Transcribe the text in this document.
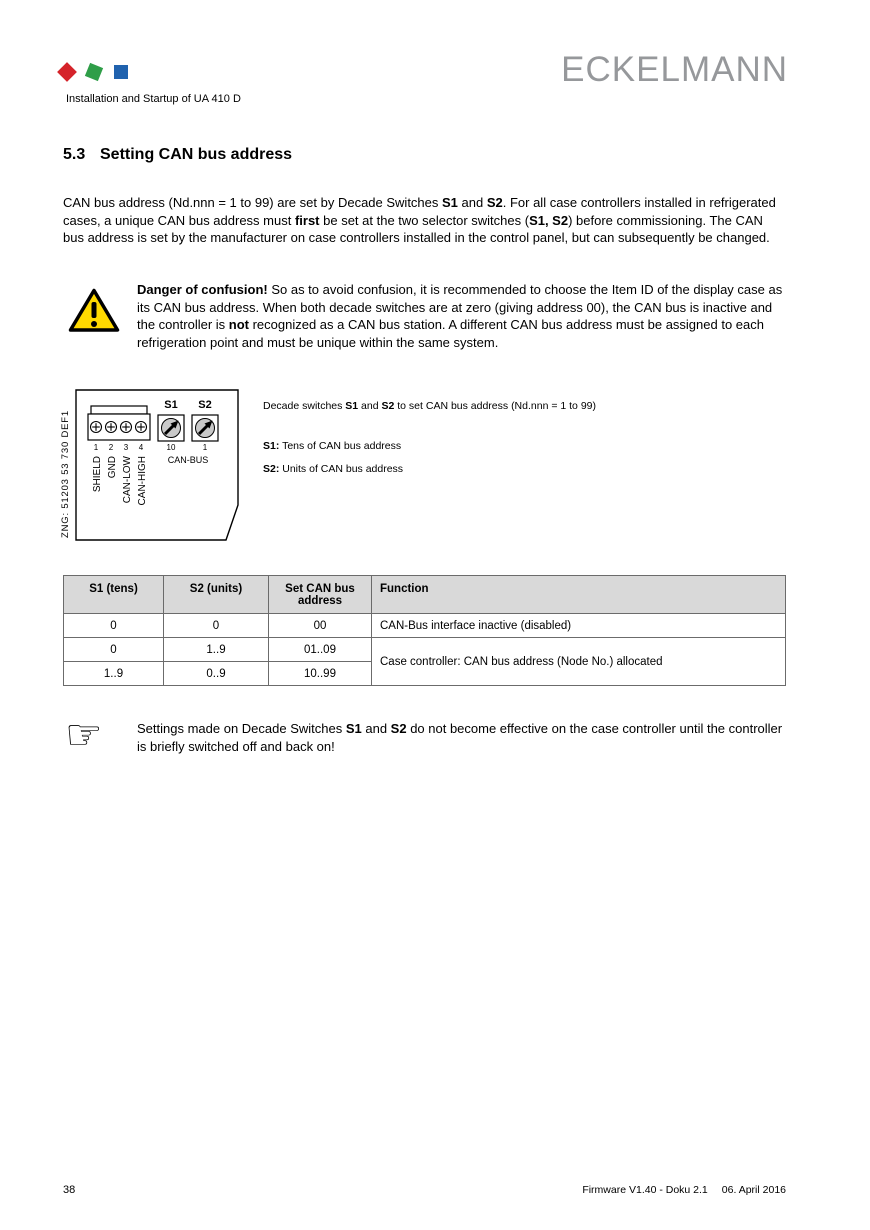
Installation and Startup of UA 410 D
ECKELMANN
5.3 Setting CAN bus address

CAN bus address (Nd.nnn = 1 to 99) are set by Decade Switches S1 and S2. For all case controllers installed in refrigerated cases, a unique CAN bus address must first be set at the two selector switches (S1, S2) before commissioning. The CAN bus address is set by the manufacturer on case controllers installed in the control panel, but can subsequently be changed.

Danger of confusion! So as to avoid confusion, it is recommended to choose the Item ID of the display case as its CAN bus address. When both decade switches are at zero (giving address 00), the CAN bus is inactive and the controller is not recognized as a CAN bus station. A different CAN bus address must be assigned to each refrigeration point and must be unique within the same system.

ZNG: 51203 53 730 DEF1
S1 S2
1 2 3 4	10	1
CAN-BUS
SHIELD GND CAN-LOW CAN-HIGH

Decade switches S1 and S2 to set CAN bus address (Nd.nnn = 1 to 99)

S1: Tens of CAN bus address

S2: Units of CAN bus address

S1 (tens)	S2 (units)	Set CAN bus address	Function
0	0	00	CAN-Bus interface inactive (disabled)
0	1..9	01..09	Case controller: CAN bus address (Node No.) allocated
1..9	0..9	10..99	
☞	Settings made on Decade Switches S1 and S2 do not become effective on the case controller until the controller is briefly switched off and back on!

38	Firmware V1.40 - Doku 2.1 06. April 2016
